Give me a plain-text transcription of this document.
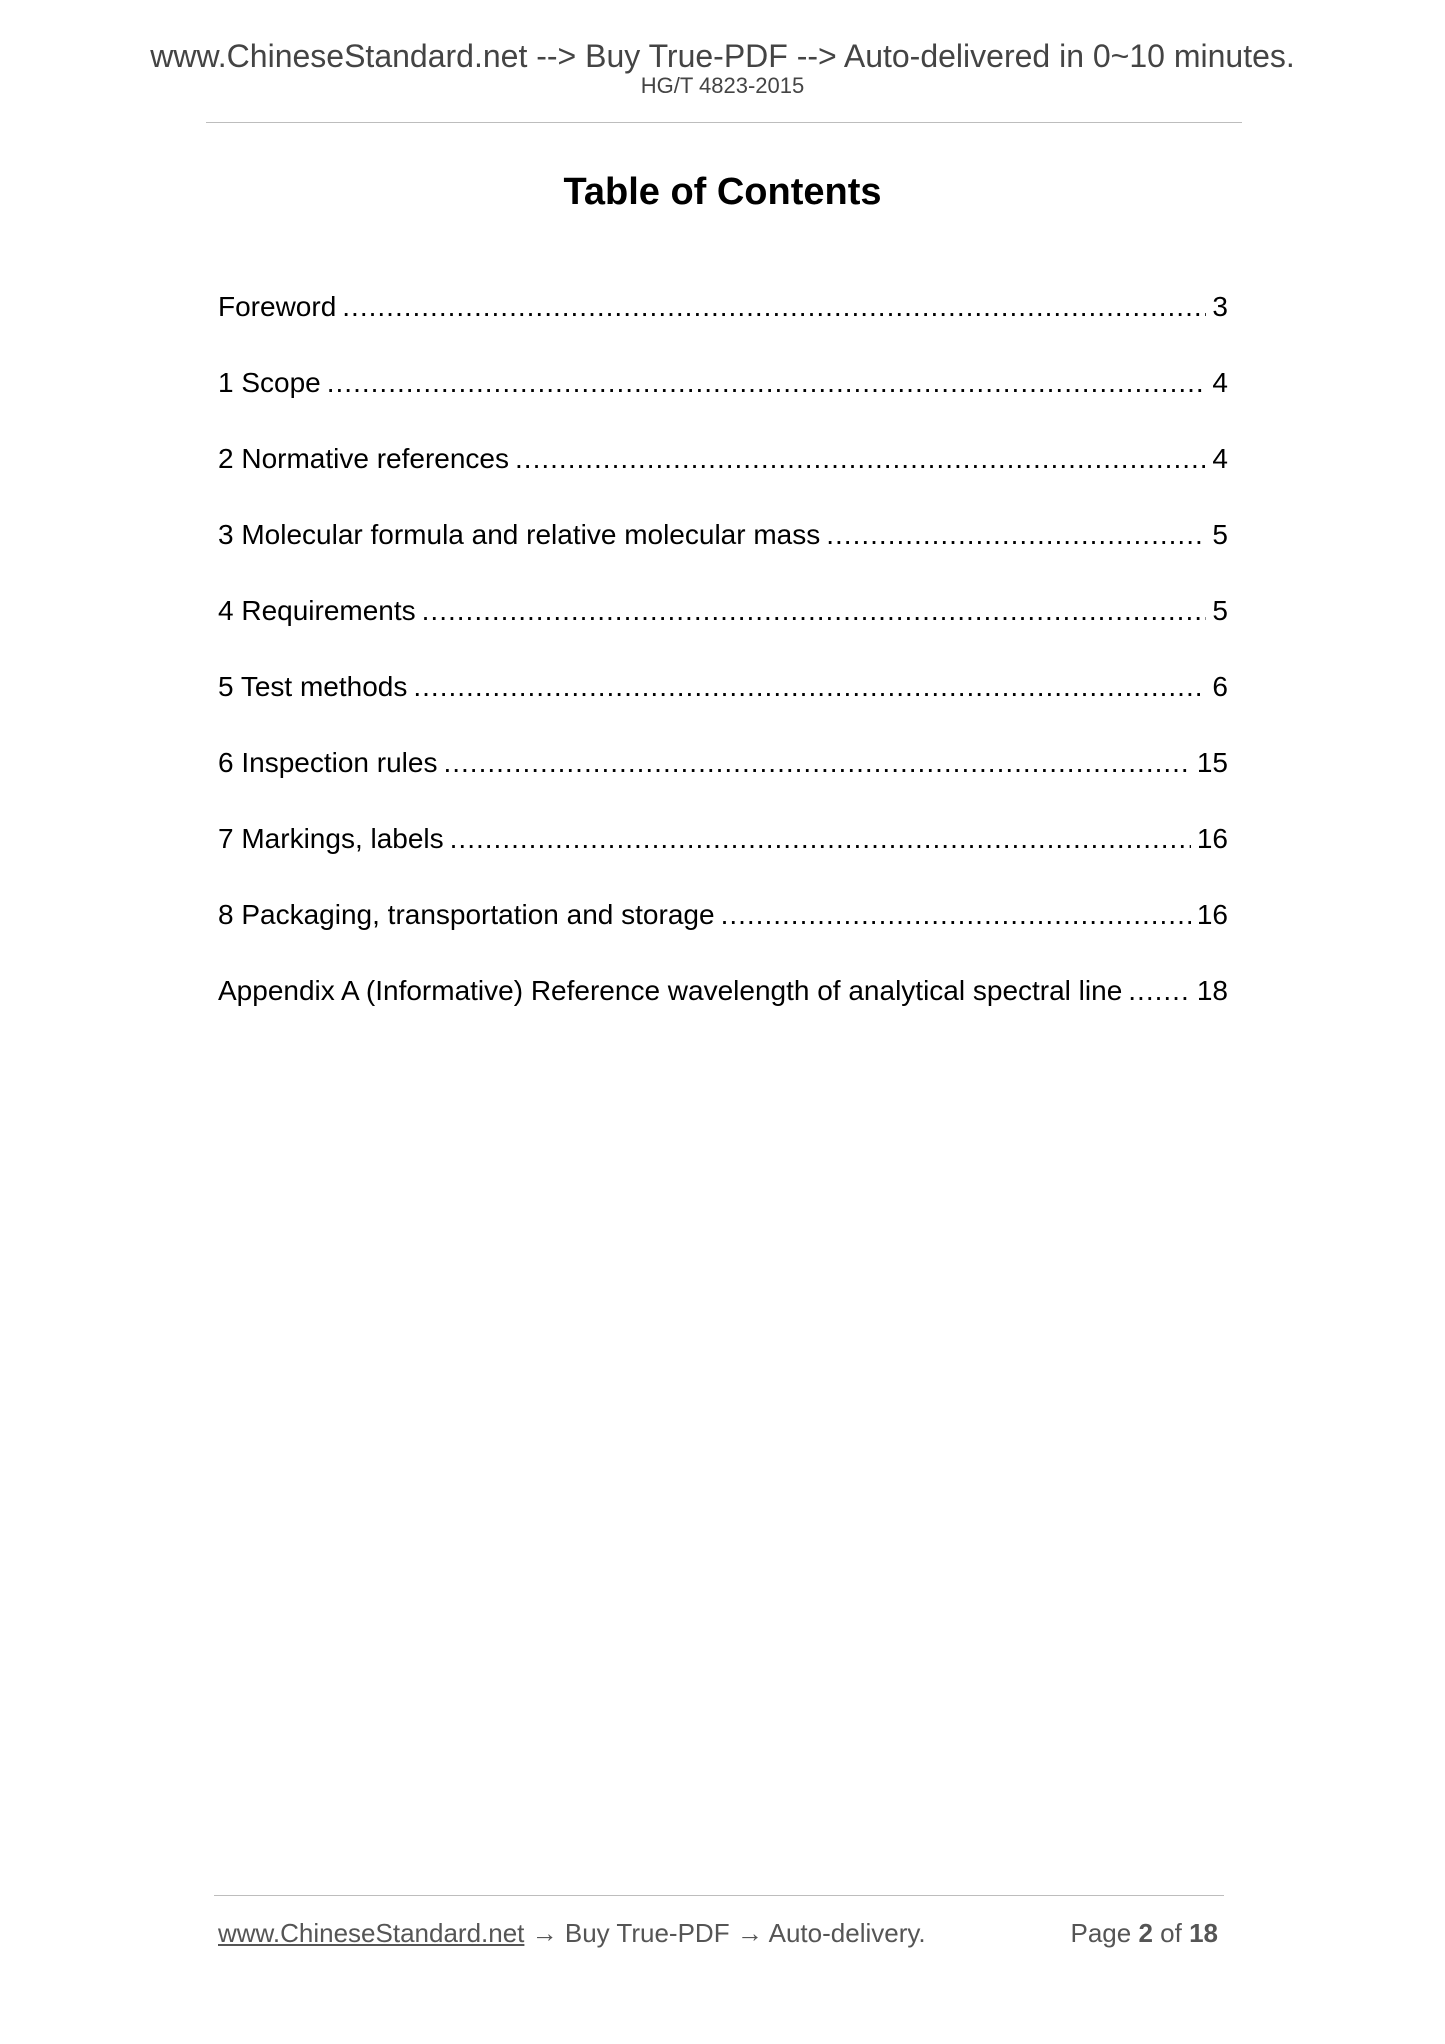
www.ChineseStandard.net --> Buy True-PDF --> Auto-delivered in 0~10 minutes.
HG/T 4823-2015
Table of Contents
Foreword .....	3
1 Scope .....	4
2 Normative references .....	4
3 Molecular formula and relative molecular mass .....	5
4 Requirements .....	5
5 Test methods .....	6
6 Inspection rules .....	15
7 Markings, labels .....	16
8 Packaging, transportation and storage .....	16
Appendix A (Informative) Reference wavelength of analytical spectral line .....	18
www.ChineseStandard.net → Buy True-PDF → Auto-delivery.	Page 2 of 18
